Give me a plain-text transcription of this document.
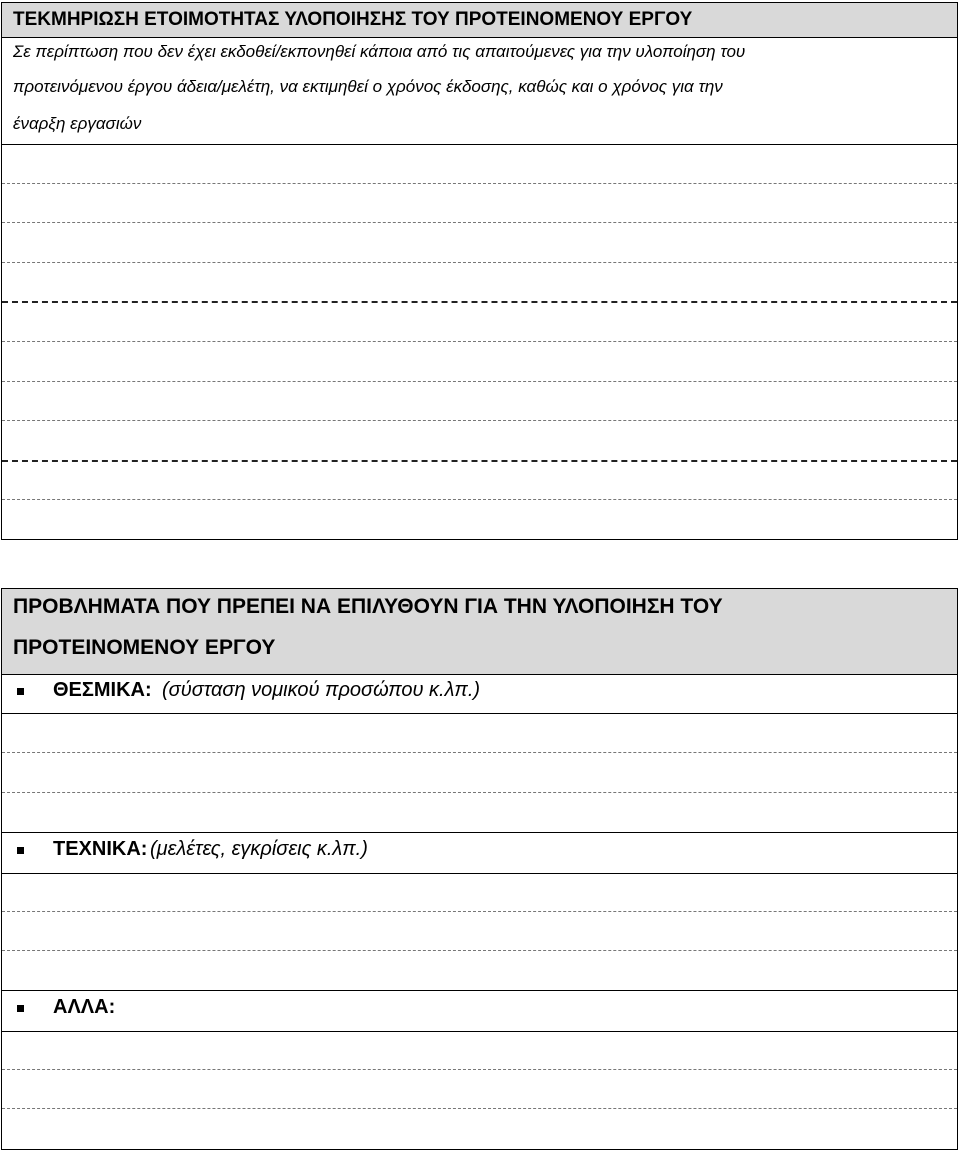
ΤΕΚΜΗΡΙΩΣΗ ΕΤΟΙΜΟΤΗΤΑΣ ΥΛΟΠΟΙΗΣΗΣ ΤΟΥ ΠΡΟΤΕΙΝΟΜΕΝΟΥ ΕΡΓΟΥ
Σε περίπτωση που δεν έχει εκδοθεί/εκπονηθεί κάποια από τις απαιτούμενες για την υλοποίηση του
προτεινόμενου έργου άδεια/μελέτη, να εκτιμηθεί ο χρόνος έκδοσης, καθώς και ο χρόνος για την
έναρξη εργασιών
ΠΡΟΒΛΗΜΑΤΑ ΠΟΥ ΠΡΕΠΕΙ ΝΑ ΕΠΙΛΥΘΟΥΝ ΓΙΑ ΤΗΝ ΥΛΟΠΟΙΗΣΗ ΤΟΥ
ΠΡΟΤΕΙΝΟΜΕΝΟΥ ΕΡΓΟΥ
ΘΕΣΜΙΚΑ: (σύσταση νομικού προσώπου κ.λπ.)
ΤΕΧΝΙΚΑ: (μελέτες, εγκρίσεις κ.λπ.)
ΑΛΛΑ:
